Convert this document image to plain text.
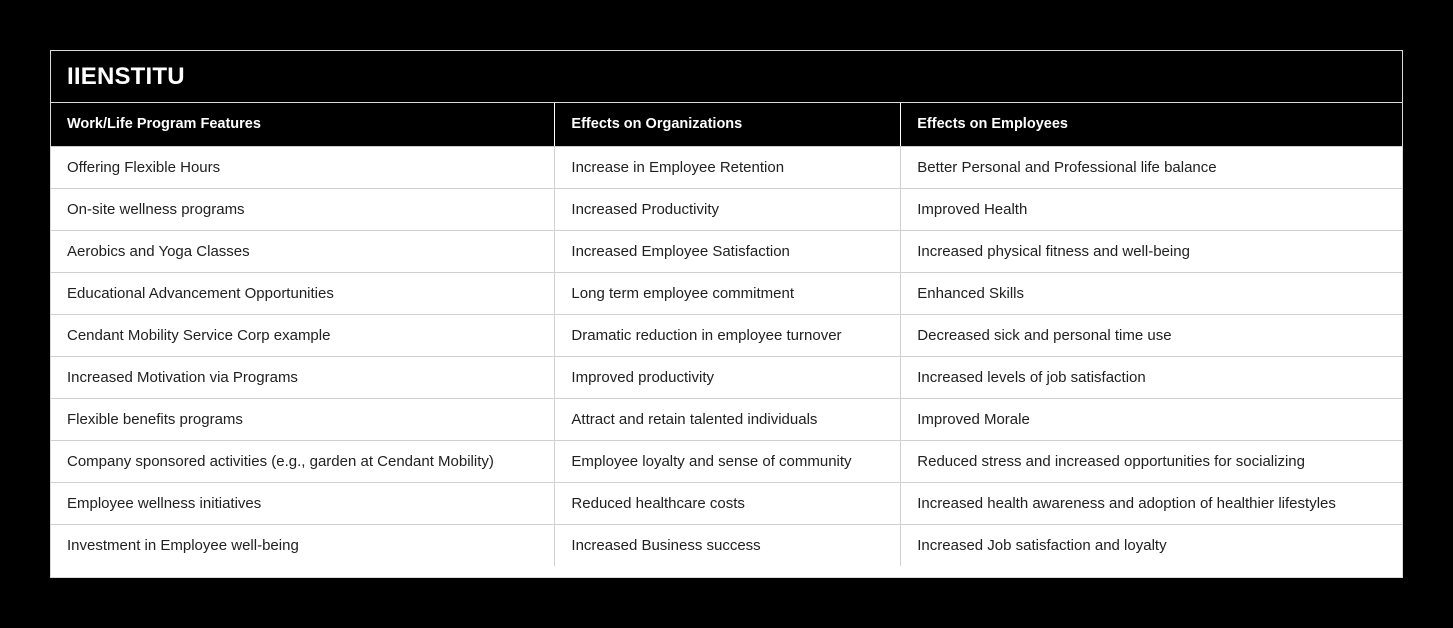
IIENSTITU
Work/Life Program Features	Effects on Organizations	Effects on Employees
Offering Flexible Hours	Increase in Employee Retention	Better Personal and Professional life balance
On-site wellness programs	Increased Productivity	Improved Health
Aerobics and Yoga Classes	Increased Employee Satisfaction	Increased physical fitness and well-being
Educational Advancement Opportunities	Long term employee commitment	Enhanced Skills
Cendant Mobility Service Corp example	Dramatic reduction in employee turnover	Decreased sick and personal time use
Increased Motivation via Programs	Improved productivity	Increased levels of job satisfaction
Flexible benefits programs	Attract and retain talented individuals	Improved Morale
Company sponsored activities (e.g., garden at Cendant Mobility)	Employee loyalty and sense of community	Reduced stress and increased opportunities for socializing
Employee wellness initiatives	Reduced healthcare costs	Increased health awareness and adoption of healthier lifestyles
Investment in Employee well-being	Increased Business success	Increased Job satisfaction and loyalty
